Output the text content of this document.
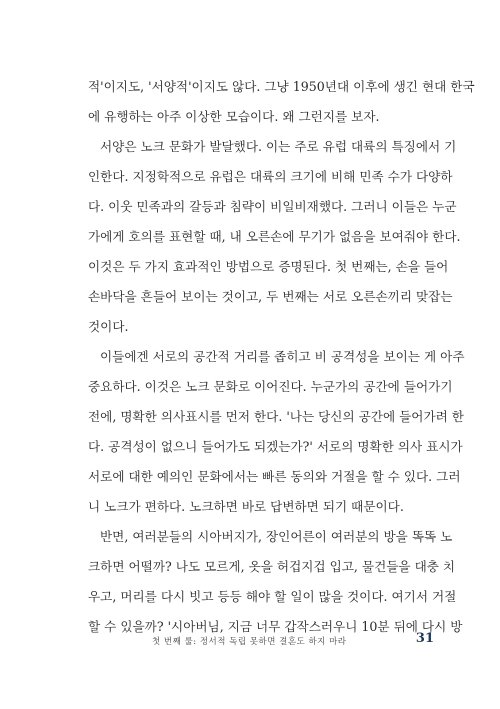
적'이지도, '서양적'이지도 않다. 그냥 1950년대 이후에 생긴 현대 한국
에 유행하는 아주 이상한 모습이다. 왜 그런지를 보자.
서양은 노크 문화가 발달했다. 이는 주로 유럽 대륙의 특징에서 기
인한다. 지정학적으로 유럽은 대륙의 크기에 비해 민족 수가 다양하
다. 이웃 민족과의 갈등과 침략이 비일비재했다. 그러니 이들은 누군
가에게 호의를 표현할 때, 내 오른손에 무기가 없음을 보여줘야 한다.
이것은 두 가지 효과적인 방법으로 증명된다. 첫 번째는, 손을 들어
손바닥을 흔들어 보이는 것이고, 두 번째는 서로 오른손끼리 맞잡는
것이다.
이들에겐 서로의 공간적 거리를 좁히고 비 공격성을 보이는 게 아주
중요하다. 이것은 노크 문화로 이어진다. 누군가의 공간에 들어가기
전에, 명확한 의사표시를 먼저 한다. '나는 당신의 공간에 들어가려 한
다. 공격성이 없으니 들어가도 되겠는가?' 서로의 명확한 의사 표시가
서로에 대한 예의인 문화에서는 빠른 동의와 거절을 할 수 있다. 그러
니 노크가 편하다. 노크하면 바로 답변하면 되기 때문이다.
반면, 여러분들의 시아버지가, 장인어른이 여러분의 방을 똑똑 노
크하면 어떨까? 나도 모르게, 옷을 허겁지겁 입고, 물건들을 대충 치
우고, 머리를 다시 빗고 등등 해야 할 일이 많을 것이다. 여기서 거절
할 수 있을까? '시아버님, 지금 너무 갑작스러우니 10분 뒤에 다시 방
첫 번째 룰: 정서적 독립 못하면 결혼도 하지 마라	31
